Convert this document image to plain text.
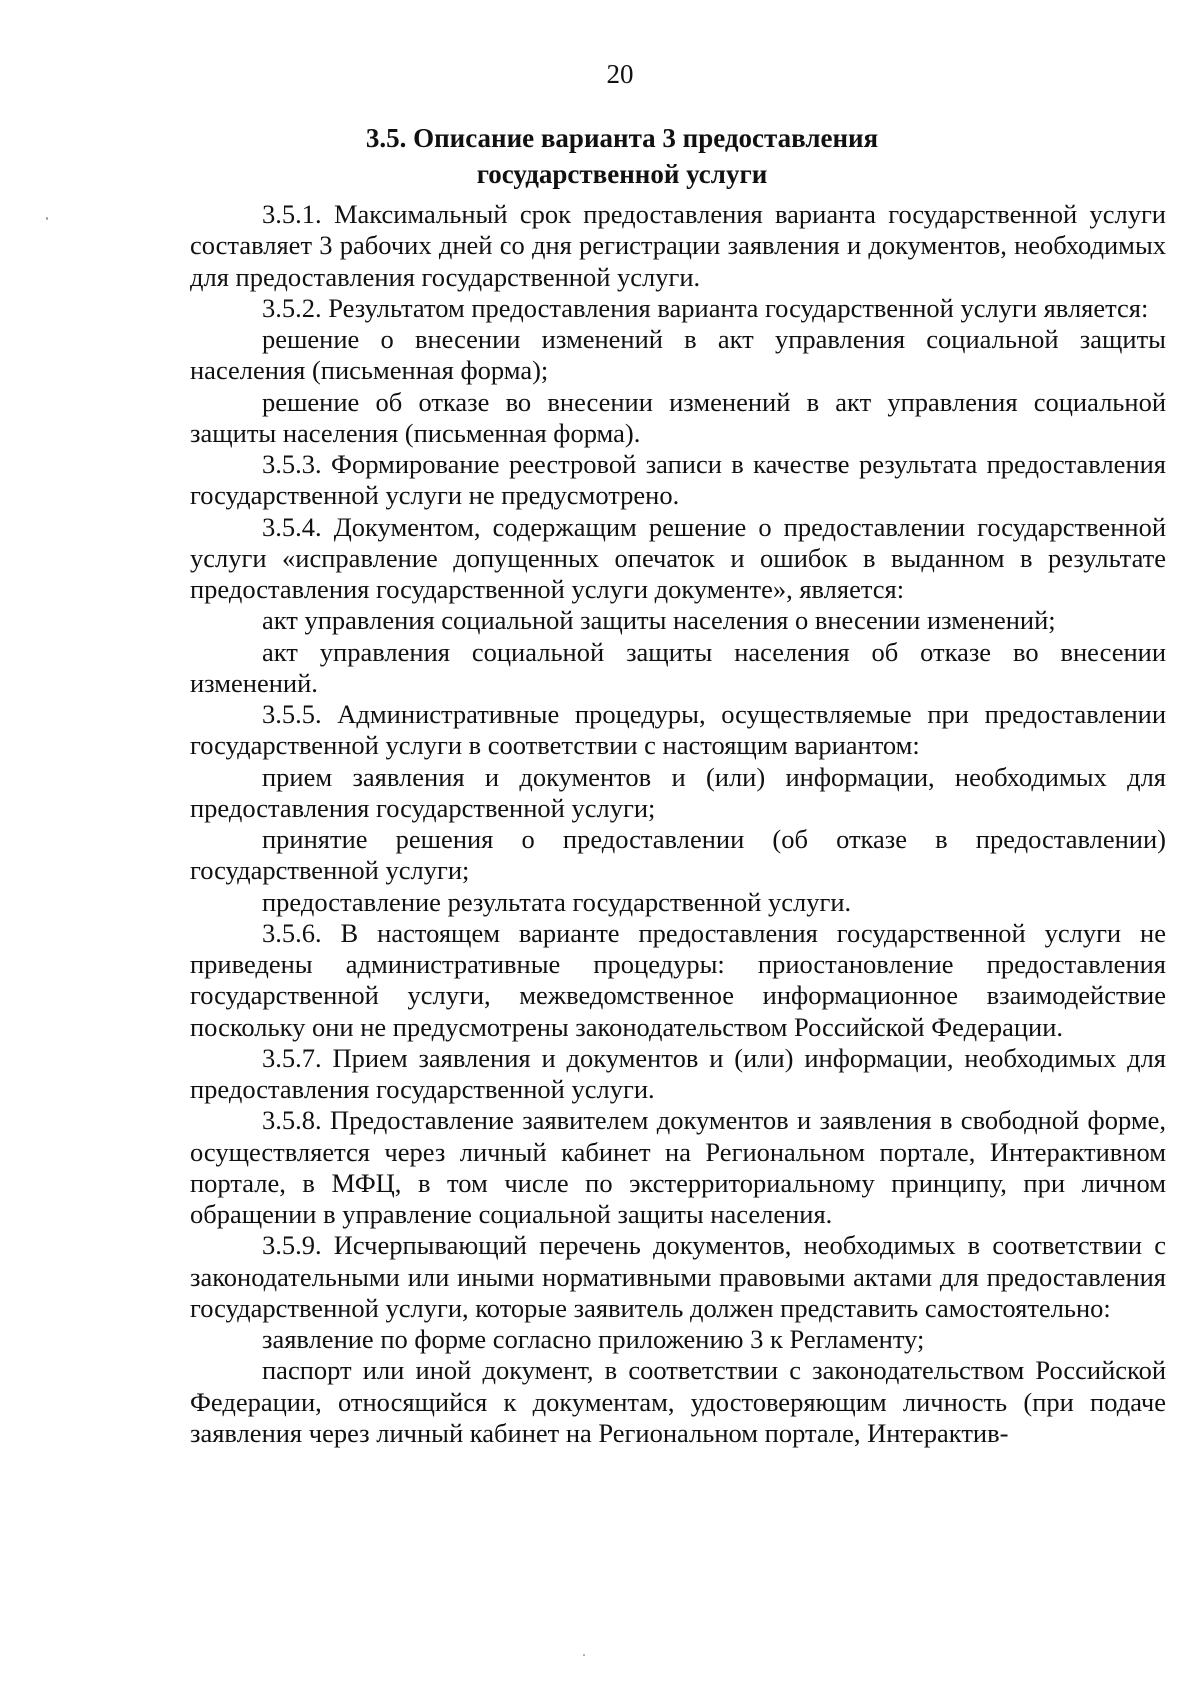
20
3.5. Описание варианта 3 предоставления
государственной услуги

3.5.1. Максимальный срок предоставления варианта государственной услуги составляет 3 рабочих дней со дня регистрации заявления и документов, необходимых для предоставления государственной услуги.

3.5.2. Результатом предоставления варианта государственной услуги является:

решение о внесении изменений в акт управления социальной защиты населения (письменная форма);

решение об отказе во внесении изменений в акт управления социальной защиты населения (письменная форма).

3.5.3. Формирование реестровой записи в качестве результата предоставления государственной услуги не предусмотрено.

3.5.4. Документом, содержащим решение о предоставлении государственной услуги «исправление допущенных опечаток и ошибок в выданном в результате предоставления государственной услуги документе», является:

акт управления социальной защиты населения о внесении изменений;

акт управления социальной защиты населения об отказе во внесении изменений.

3.5.5. Административные процедуры, осуществляемые при предоставлении государственной услуги в соответствии с настоящим вариантом:

прием заявления и документов и (или) информации, необходимых для предоставления государственной услуги;

принятие решения о предоставлении (об отказе в предоставлении) государственной услуги;

предоставление результата государственной услуги.

3.5.6. В настоящем варианте предоставления государственной услуги не приведены административные процедуры: приостановление предоставления государственной услуги, межведомственное информационное взаимодействие поскольку они не предусмотрены законодательством Российской Федерации.

3.5.7. Прием заявления и документов и (или) информации, необходимых для предоставления государственной услуги.

3.5.8. Предоставление заявителем документов и заявления в свободной форме, осуществляется через личный кабинет на Региональном портале, Интерактивном портале, в МФЦ, в том числе по экстерриториальному принципу, при личном обращении в управление социальной защиты населения.

3.5.9. Исчерпывающий перечень документов, необходимых в соответствии с законодательными или иными нормативными правовыми актами для предоставления государственной услуги, которые заявитель должен представить самостоятельно:

заявление по форме согласно приложению 3 к Регламенту;

паспорт или иной документ, в соответствии с законодательством Российской Федерации, относящийся к документам, удостоверяющим личность (при подаче заявления через личный кабинет на Региональном портале, Интерактив-
